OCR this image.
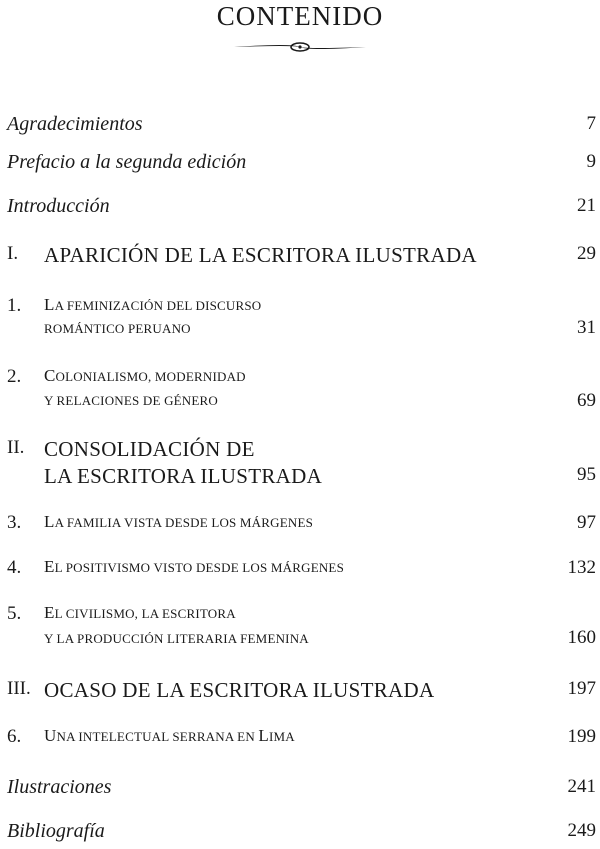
CONTENIDO
Agradecimientos	7
Prefacio a la segunda edición	9
Introducción	21
I. APARICIÓN DE LA ESCRITORA ILUSTRADA	29
1. LA FEMINIZACIÓN DEL DISCURSO
ROMÁNTICO PERUANO	31
2. COLONIALISMO, MODERNIDAD
Y RELACIONES DE GÉNERO	69
II. CONSOLIDACIÓN DE
LA ESCRITORA ILUSTRADA	95
3. LA FAMILIA VISTA DESDE LOS MÁRGENES	97
4. EL POSITIVISMO VISTO DESDE LOS MÁRGENES	132
5. EL CIVILISMO, LA ESCRITORA
Y LA PRODUCCIÓN LITERARIA FEMENINA	160
III. OCASO DE LA ESCRITORA ILUSTRADA	197
6. UNA INTELECTUAL SERRANA EN LIMA	199
Ilustraciones	241
Bibliografía	249
